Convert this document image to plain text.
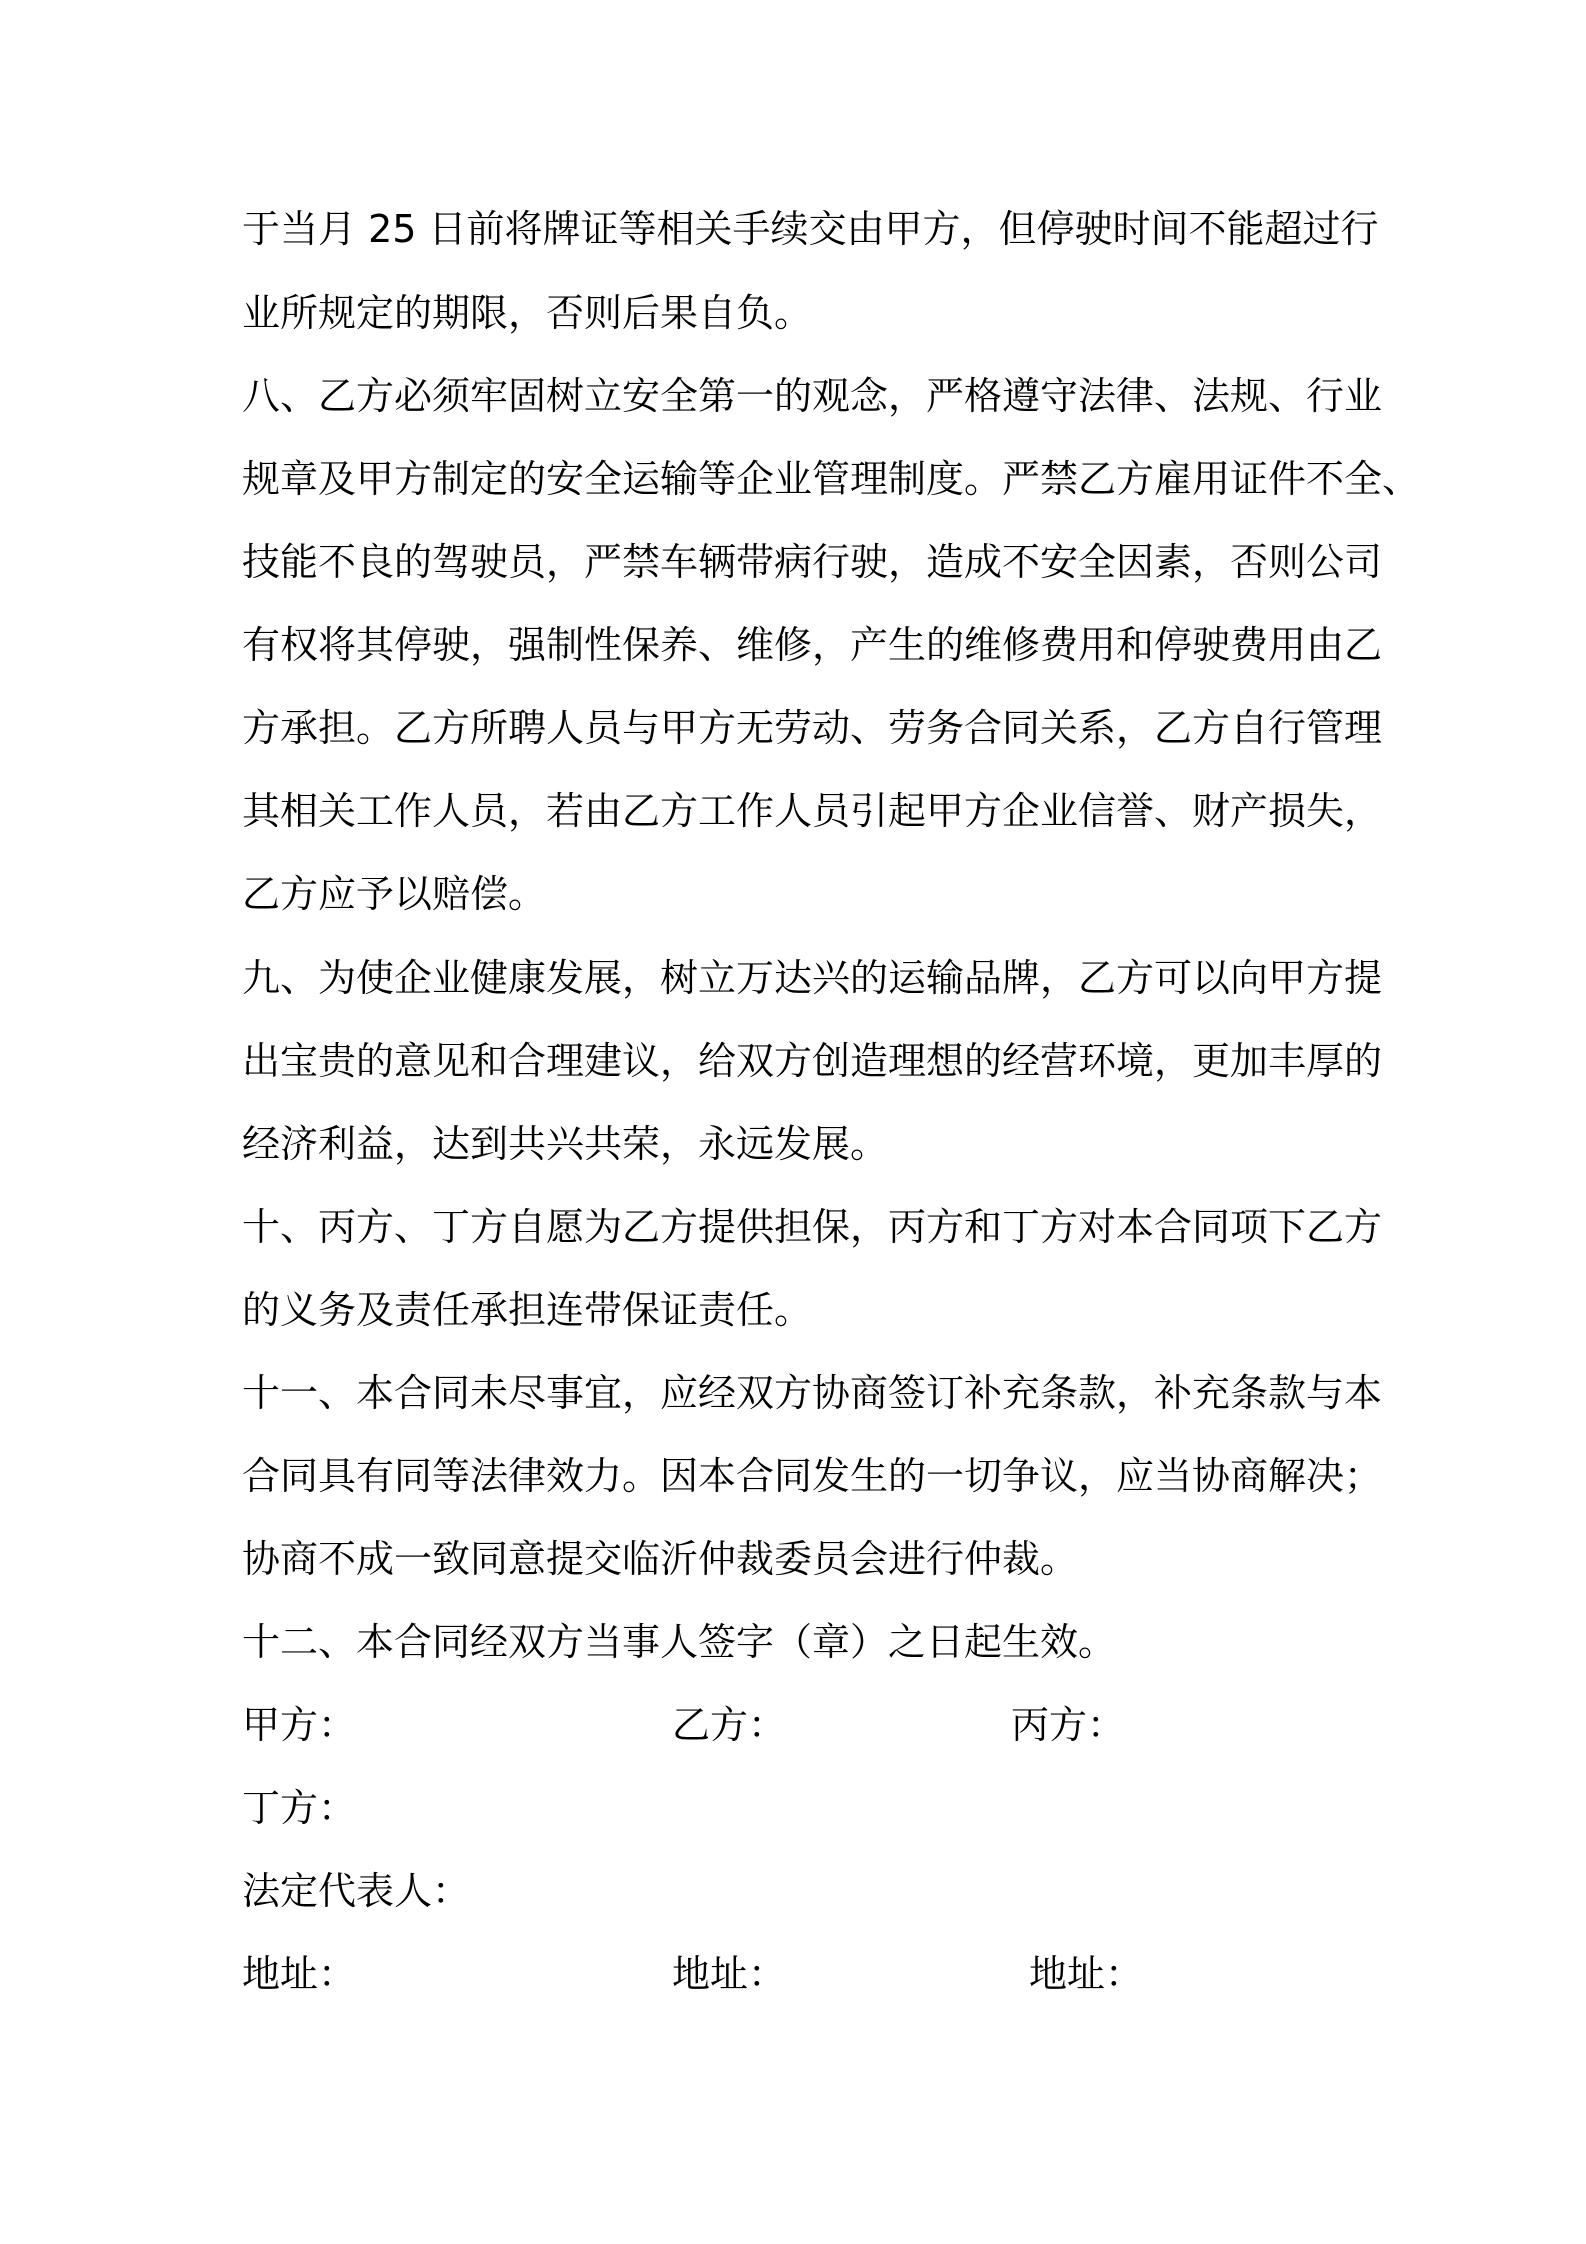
于当月 25 日前将牌证等相关手续交由甲方，但停驶时间不能超过行
业所规定的期限，否则后果自负。
八、乙方必须牢固树立安全第一的观念，严格遵守法律、法规、行业
规章及甲方制定的安全运输等企业管理制度。严禁乙方雇用证件不全、
技能不良的驾驶员，严禁车辆带病行驶，造成不安全因素，否则公司
有权将其停驶，强制性保养、维修，产生的维修费用和停驶费用由乙
方承担。乙方所聘人员与甲方无劳动、劳务合同关系，乙方自行管理
其相关工作人员，若由乙方工作人员引起甲方企业信誉、财产损失，
乙方应予以赔偿。
九、为使企业健康发展，树立万达兴的运输品牌，乙方可以向甲方提
出宝贵的意见和合理建议，给双方创造理想的经营环境，更加丰厚的
经济利益，达到共兴共荣，永远发展。
十、丙方、丁方自愿为乙方提供担保，丙方和丁方对本合同项下乙方
的义务及责任承担连带保证责任。
十一、本合同未尽事宜，应经双方协商签订补充条款，补充条款与本
合同具有同等法律效力。因本合同发生的一切争议，应当协商解决；
协商不成一致同意提交临沂仲裁委员会进行仲裁。
十二、本合同经双方当事人签字（章）之日起生效。
甲方：	乙方：	丙方：
丁方：
法定代表人：
地址：	地址：	地址：
